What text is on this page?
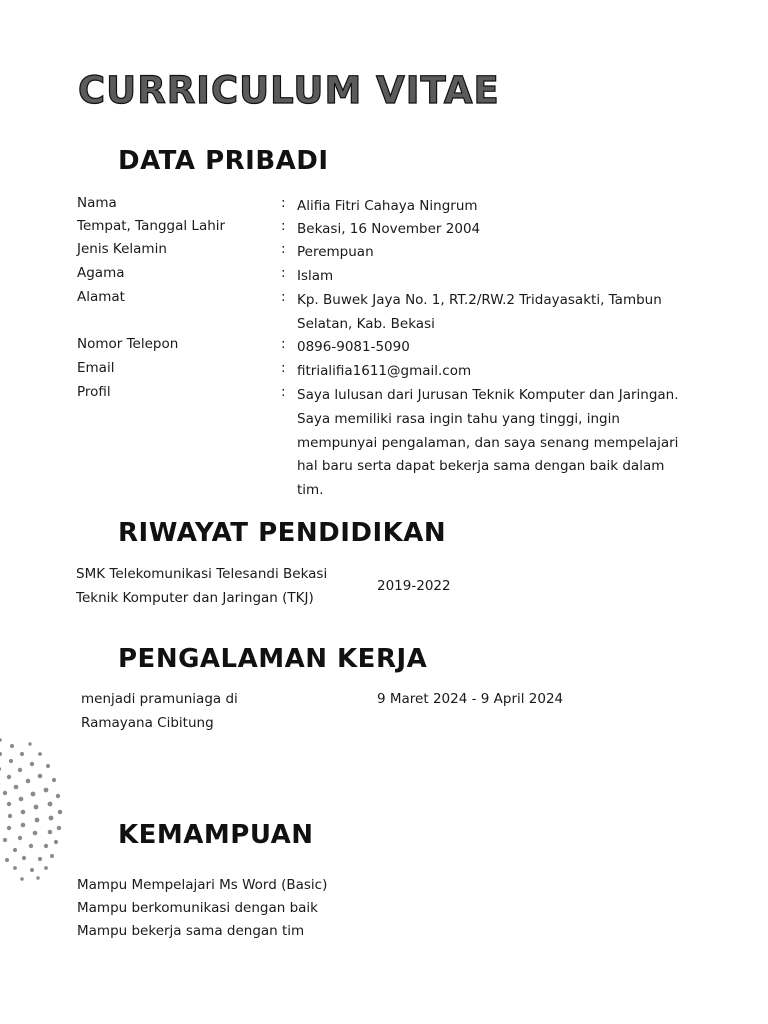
CURRICULUM VITAE
DATA PRIBADI
Nama	: Alifia Fitri Cahaya Ningrum
Tempat, Tanggal Lahir	: Bekasi, 16 November 2004
Jenis Kelamin	: Perempuan
Agama	: Islam
Alamat	: Kp. Buwek Jaya No. 1, RT.2/RW.2 Tridayasakti, Tambun Selatan, Kab. Bekasi
Nomor Telepon	: 0896-9081-5090
Email	: fitrialifia1611@gmail.com
Profil	: Saya lulusan dari Jurusan Teknik Komputer dan Jaringan. Saya memiliki rasa ingin tahu yang tinggi, ingin mempunyai pengalaman, dan saya senang mempelajari hal baru serta dapat bekerja sama dengan baik dalam tim.
RIWAYAT PENDIDIKAN
SMK Telekomunikasi Telesandi Bekasi
Teknik Komputer dan Jaringan (TKJ)
2019-2022
PENGALAMAN KERJA
menjadi pramuniaga di
Ramayana Cibitung
9 Maret 2024 - 9 April 2024
KEMAMPUAN
Mampu Mempelajari Ms Word (Basic)
Mampu berkomunikasi dengan baik
Mampu bekerja sama dengan tim
